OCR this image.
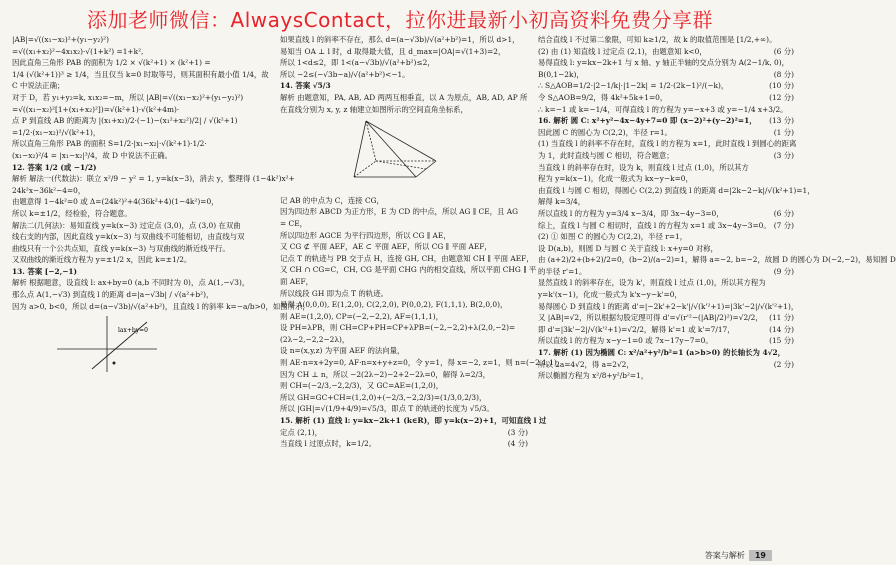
添加老师微信：AlwaysContact，拉你进最新小初高资料免费分享群
|AB|=√((x₁−x₂)²+(y₁−y₂)²)
=√((x₁+x₂)²−4x₁x₂)·√(1+k²) =1+k²,
因此直角三角形 PAB 的面积为 1/2 × √(k²+1) × (k²+1) =
1/4 (√(k²+1))³ ≥ 1/4，当且仅当 k=0 时取等号，则其面积有最小值 1/4，故
C 中说法正确；
对于 D，若 y₁+y₂=k, x₁x₂=−m，所以 |AB|=√((x₁−x₂)²+(y₁−y₂)²)
=√((x₁−x₂)²[1+(x₁+x₂)²])=√(k²+1)·√(k²+4m)·
点 P 到直线 AB 的距离为 |(x₁+x₂)/2·(−1)−(x₁²+x₂²)/2| / √(k²+1)
=1/2·(x₁−x₂)²/√(k²+1)，
所以直角三角形 PAB 的面积 S=1/2·|x₁−x₂|·√(k²+1)·1/2·
(x₁−x₂)²/4 = |x₁−x₂|³/4，故 D 中说法不正确。
12. 答案 1/2 (或 −1/2)
解析 解法一(代数法)：联立 x²/9 − y² = 1, y=k(x−3)，消去 y，整理得 (1−4k²)x²+
24k²x−36k²−4=0，
由题意得 1−4k²=0 或 Δ=(24k²)²+4(36k²+4)(1−4k²)=0，
所以 k=±1/2，经检验，符合题意。
解法二(几何法)：易知直线 y=k(x−3) 过定点 (3,0)，点 (3,0) 在双曲
线右支的内部，因此直线 y=k(x−3) 与双曲线不可能相切，由直线与双
曲线只有一个公共点知，直线 y=k(x−3) 与双曲线的渐近线平行。
又双曲线的渐近线方程为 y=±1/2 x，因此 k=±1/2。
13. 答案 [−2,−1)
解析 根据题意，设直线 l: ax+by=0 (a,b 不同时为 0)，点 A(1,−√3)，
那么点 A(1,−√3) 到直线 l 的距离 d=|a−√3b| / √(a²+b²)，
因为 a>0, b<0，所以 d=(a−√3b)/√(a²+b²)，且直线 l 的斜率 k=−a/b>0，如图所示，
lax+by=0
如果直线 l 的斜率不存在，那么 d=(a−√3b)/√(a²+b²)=1，所以 d>1，
易知当 OA ⊥ l 时，d 取得最大值，且 d_max=|OA|=√(1+3)=2，
所以 1<d≤2，即 1<(a−√3b)/√(a²+b²)≤2，
所以 −2≤(−√3b−a)/√(a²+b²)<−1。
14. 答案 √5/3
解析 由题意知，PA, AB, AD 两两互相垂直，以 A 为原点，AB, AD, AP 所
在直线分别为 x, y, z 轴建立如图所示的空间直角坐标系，
记 AB 的中点为 C，连接 CG，
因为四边形 ABCD 为正方形，E 为 CD 的中点，所以 AG ∥ CE，且 AG
= CE，
所以四边形 AGCE 为平行四边形，所以 CG ∥ AE，
又 CG ⊄ 平面 AEF，AE ⊂ 平面 AEF，所以 CG ∥ 平面 AEF，
记点 T 的轨迹与 PB 交于点 H，连接 GH, CH，由题意知 CH ∥ 平面 AEF，
又 CH ∩ CG=C，CH, CG 是平面 CHG 内的相交直线，所以平面 CHG ∥ 平
面 AEF，
所以线段 GH 即为点 T 的轨迹。
易得 A(0,0,0), E(1,2,0), C(2,2,0), P(0,0,2), F(1,1,1), B(2,0,0)，
则 AE=(1,2,0), CP=(−2,−2,2), AF=(1,1,1)，
设 PH=λPB，则 CH=CP+PH=CP+λPB=(−2,−2,2)+λ(2,0,−2)=
(2λ−2,−2,2−2λ)，
设 n=(x,y,z) 为平面 AEF 的法向量，
则 AE·n=x+2y=0, AF·n=x+y+z=0，令 y=1，得 x=−2, z=1，则 n=(−2,1,1)，
因为 CH ⊥ n，所以 −2(2λ−2)−2+2−2λ=0，解得 λ=2/3，
则 CH=(−2/3,−2,2/3)，又 GC=AE=(1,2,0)，
所以 GH=GC+CH=(1,2,0)+(−2/3,−2,2/3)=(1/3,0,2/3)，
所以 |GH|=√(1/9+4/9)=√5/3，即点 T 的轨迹的长度为 √5/3。
15. 解析 (1) 直线 l: y=kx−2k+1 (k∈R)，即 y=k(x−2)+1，可知直线 l 过
定点 (2,1)，	(3 分)
当直线 l 过原点时，k=1/2。	(4 分)
结合直线 l 不过第二象限，可知 k≥1/2，故 k 的取值范围是 [1/2,+∞)。
(6 分)
(2) 由 (1) 知直线 l 过定点 (2,1)，由题意知 k<0，
易得直线 l: y=kx−2k+1 与 x 轴、y 轴正半轴的交点分别为 A(2−1/k, 0)，
B(0,1−2k)，	(8 分)
∴ S△AOB=1/2·|2−1/k|·|1−2k| = 1/2·(2k−1)²/(−k)，	(10 分)
令 S△AOB=9/2，得 4k²+5k+1=0，	(12 分)
∴ k=−1 或 k=−1/4，可得直线 l 的方程为 y=−x+3 或 y=−1/4 x+3/2。
(13 分)
16. 解析 圆 C: x²+y²−4x−4y+7=0 即 (x−2)²+(y−2)²=1，
因此圆 C 的圆心为 C(2,2)，半径 r=1。	(1 分)
(1) 当直线 l 的斜率不存在时，直线 l 的方程为 x=1，此时直线 l 到圆心的距离
为 1，此时直线与圆 C 相切，符合题意；	(3 分)
当直线 l 的斜率存在时，设为 k，则直线 l 过点 (1,0)，所以其方
程为 y=k(x−1)，化成一般式为 kx−y−k=0，
由直线 l 与圆 C 相切，得圆心 C(2,2) 到直线 l 的距离 d=|2k−2−k|/√(k²+1)=1，
解得 k=3/4，
所以直线 l 的方程为 y=3/4 x−3/4，即 3x−4y−3=0，	(6 分)
综上，直线 l 与圆 C 相切时，直线 l 的方程为 x=1 或 3x−4y−3=0。 (7 分)
(2) ① 如图 C 的圆心为 C(2,2)，半径 r=1，
设 D(a,b)，则圆 D 与圆 C 关于直线 l: x+y=0 对称，
由 (a+2)/2+(b+2)/2=0，(b−2)/(a−2)=1，解得 a=−2, b=−2，故圆 D 的圆心为 D(−2,−2)，易知圆 D
的半径 r'=1。	(9 分)
显然直线 l 的斜率存在，设为 k'，则直线 l 过点 (1,0)，所以其方程为
y=k'(x−1)，化成一般式为 k'x−y−k'=0，
易得圆心 D 到直线 l 的距离 d'=|−2k'+2−k'|/√(k'²+1)=|3k'−2|/√(k'²+1)，
(11 分)
又 |AB|=√2，所以根据勾股定理可得 d'=√(r'²−(|AB|/2)²)=√2/2，
即 d'=|3k'−2|/√(k'²+1)=√2/2，解得 k'=1 或 k'=7/17，	(14 分)
所以直线 l 的方程为 x−y−1=0 或 7x−17y−7=0。	(15 分)
17. 解析 (1) 因为椭圆 C: x²/a²+y²/b²=1 (a>b>0) 的长轴长为 4√2，
所以 2a=4√2，得 a=2√2，	(2 分)
所以椭圆方程为 x²/8+y²/b²=1，
答案与解析	19
